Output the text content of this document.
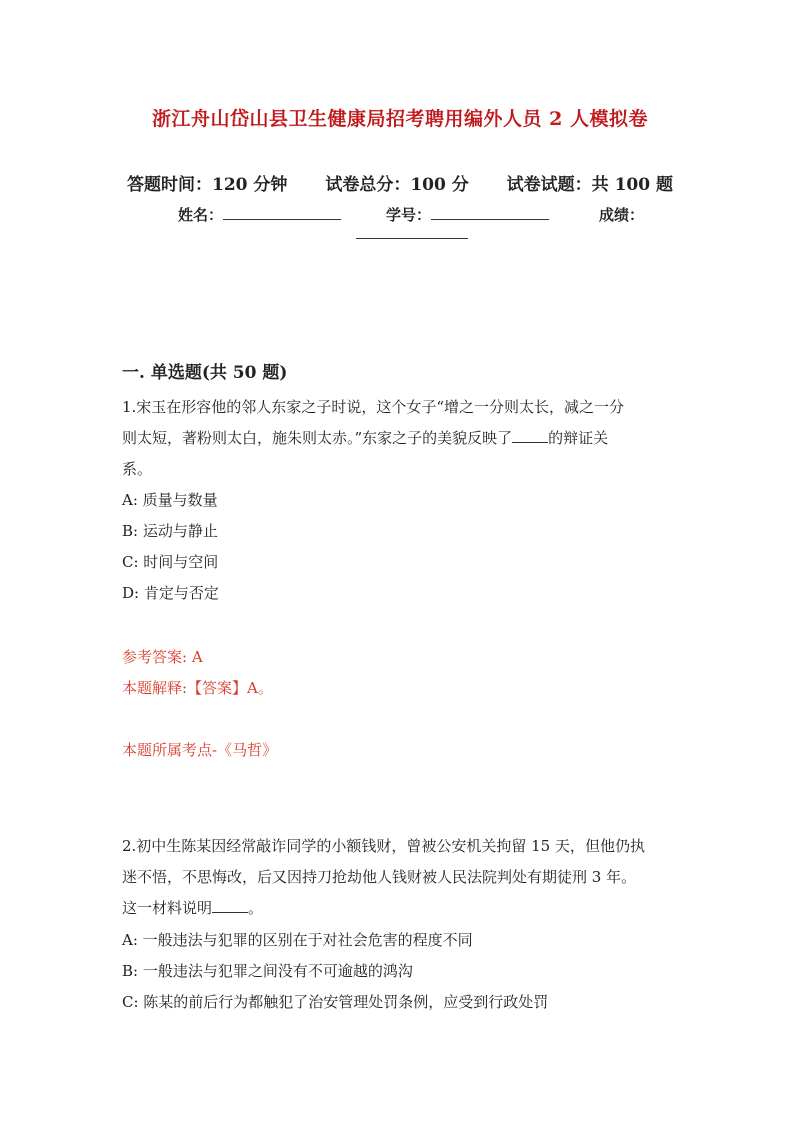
浙江舟山岱山县卫生健康局招考聘用编外人员 2 人模拟卷
答题时间：120 分钟 试卷总分：100 分 试卷试题：共 100 题
姓名：	学号：	成绩：
一. 单选题(共 50 题)
1.宋玉在形容他的邻人东家之子时说，这个女子“增之一分则太长，减之一分
则太短，著粉则太白，施朱则太赤。”东家之子的美貌反映了 的辩证关
系。
A: 质量与数量
B: 运动与静止
C: 时间与空间
D: 肯定与否定
参考答案: A
本题解释:【答案】A。
本题所属考点-《马哲》
2.初中生陈某因经常敲诈同学的小额钱财，曾被公安机关拘留 15 天，但他仍执
迷不悟，不思悔改，后又因持刀抢劫他人钱财被人民法院判处有期徒刑 3 年。
这一材料说明 。
A: 一般违法与犯罪的区别在于对社会危害的程度不同
B: 一般违法与犯罪之间没有不可逾越的鸿沟
C: 陈某的前后行为都触犯了治安管理处罚条例，应受到行政处罚
